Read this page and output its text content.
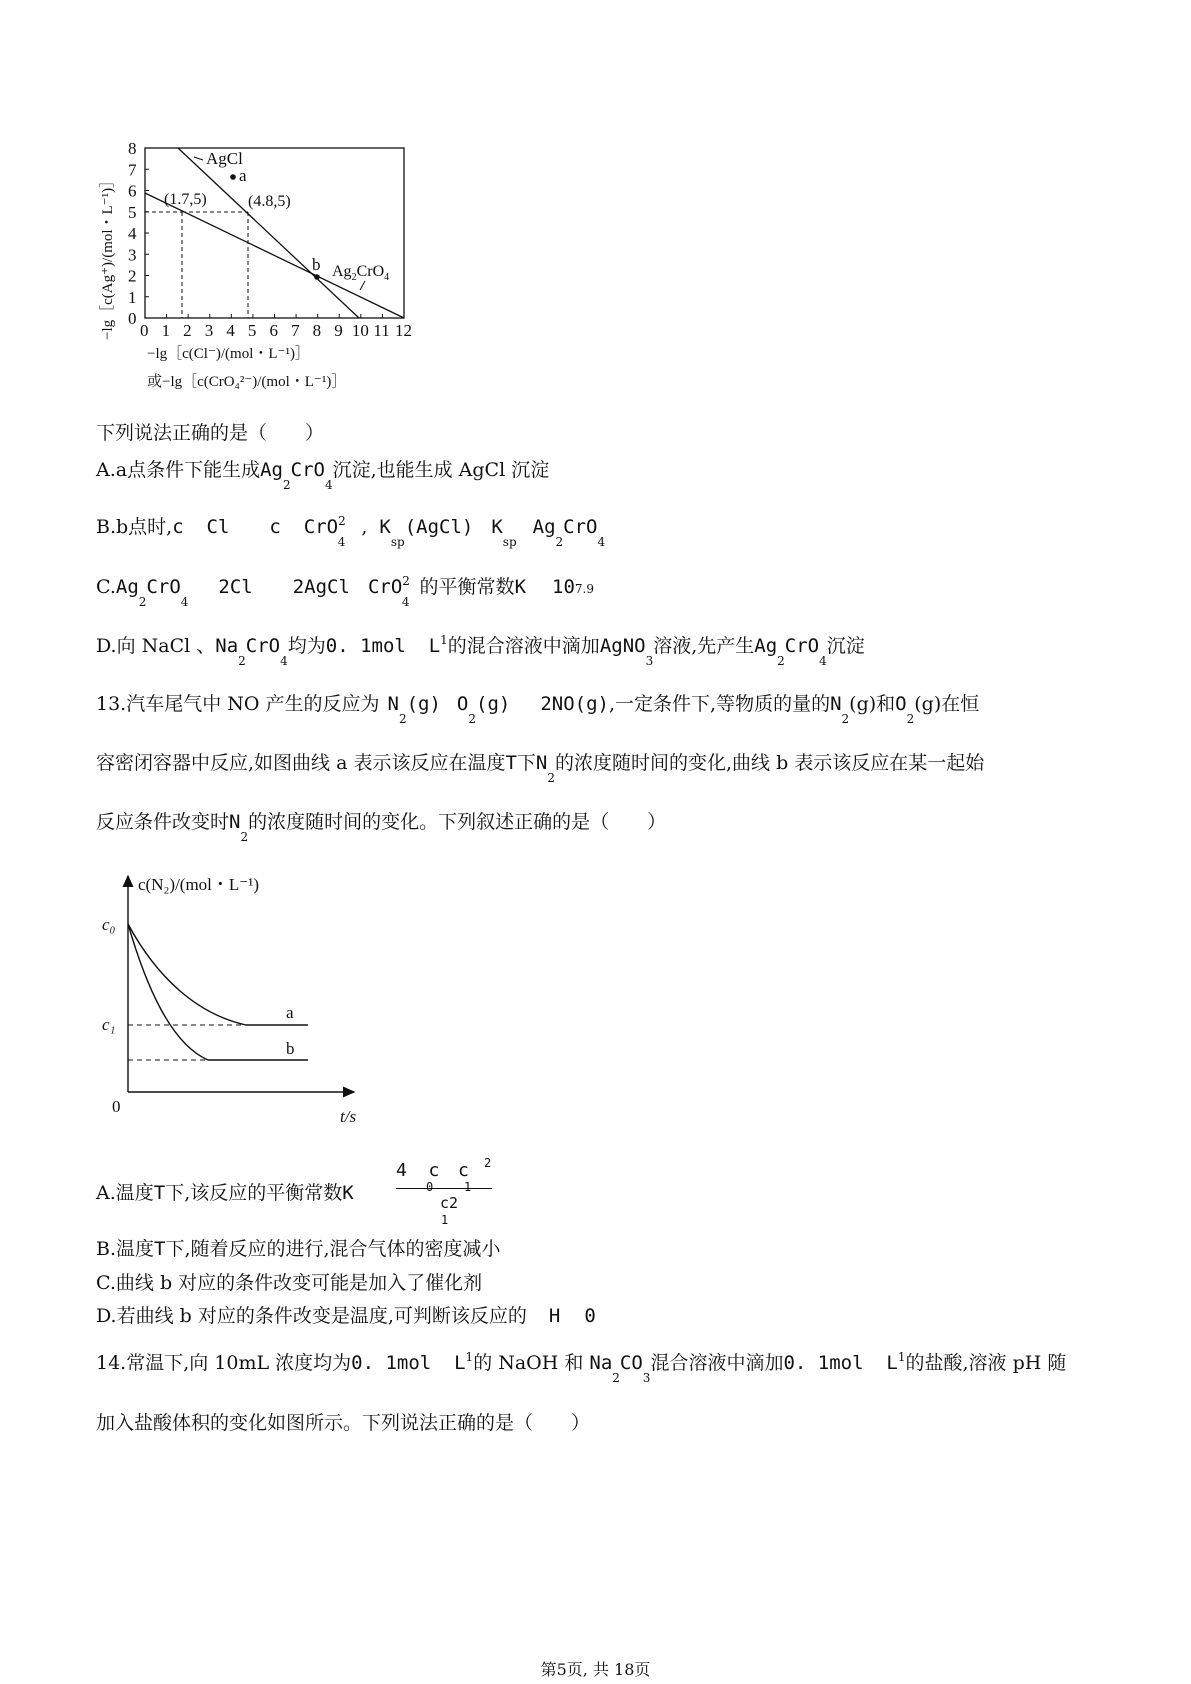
0
1
2
3
4
5
6
7
8
0 1 2 3 4 5 6 7 8 9 10 11 12
AgCl
a
(1.7,5)	(4.8,5)
b $Ag_2CrO_4$
−lg［c(Ag⁺)/(mol・L⁻¹)］
−lg［c(Cl⁻)/(mol・L⁻¹)］
或−lg［c(CrO₄²⁻)/(mol・L⁻¹)］
下列说法正确的是（　　）
A.a点条件下能生成$Ag_2CrO_4$沉淀,也能生成 AgCl 沉淀
B.b点时,c  Cl c  CrO$^2_4$, $K_{sp}(AgCl)$ $K_{sp}Ag_2CrO_4$
$C.Ag_2CrO_42Cl$ 2AgCl CrO$^2_4$的平衡常数K 107.9
D.向 NaCl 、$Na_2CrO_4$均为0. 1mol  $L^1$的混合溶液中滴加AgNO$_3$溶液,先产生$Ag_2CrO_4$沉淀
13.汽车尾气中 NO 产生的反应为 $N_2(g)$ $O_2(g)$ 2NO(g),一定条件下,等物质的量的$N_2(g)$和$O_2(g)$在恒
容密闭容器中反应,如图曲线 a 表示该反应在温度T下$N_2$的浓度随时间的变化,曲线 b 表示该反应在某一起始
反应条件改变时$N_2$的浓度随时间的变化。下列叙述正确的是（　　）
c(N₂)/(mol・L⁻¹)
c₀
c₁
0
t/s
a
b
A.温度T下,该反应的平衡常数K
4  c c 2
0	1
c2
1
B.温度T下,随着反应的进行,混合气体的密度减小
C.曲线 b 对应的条件改变可能是加入了催化剂
D.若曲线 b 对应的条件改变是温度,可判断该反应的 H 0
14.常温下,向 10mL 浓度均为0. 1mol  $L^1$的 NaOH 和 $Na_2CO_3$混合溶液中滴加0. 1mol  $L^1$的盐酸,溶液 pH 随
加入盐酸体积的变化如图所示。下列说法正确的是（　　）
第5页, 共 18页
